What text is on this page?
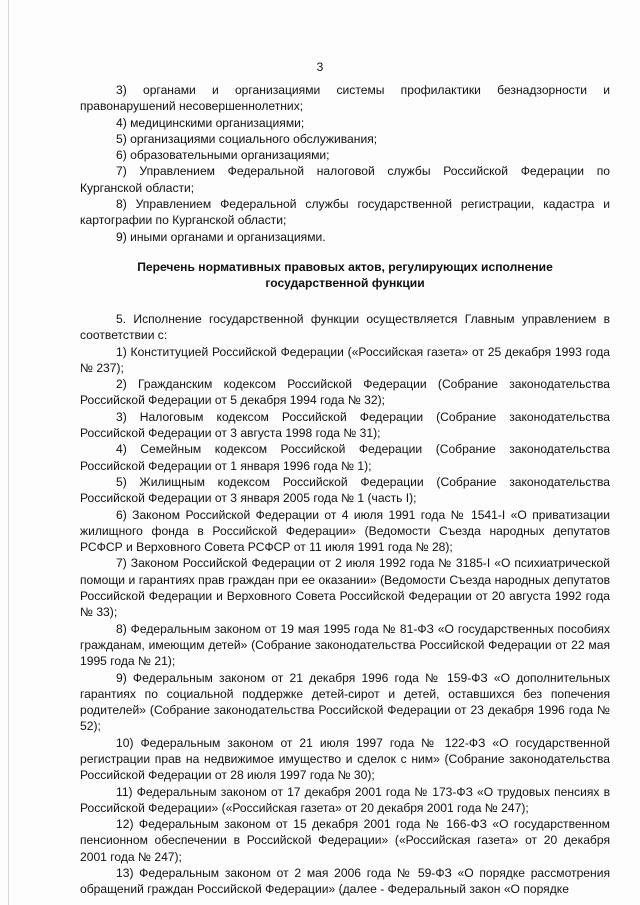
3

3) органами и организациями системы профилактики безнадзорности и правонарушений несовершеннолетних;

4) медицинскими организациями;

5) организациями социального обслуживания;

6) образовательными организациями;

7) Управлением Федеральной налоговой службы Российской Федерации по Курганской области;

8) Управлением Федеральной службы государственной регистрации, кадастра и картографии по Курганской области;

9) иными органами и организациями.

Перечень нормативных правовых актов, регулирующих исполнение государственной функции

5. Исполнение государственной функции осуществляется Главным управлением в соответствии с:

1) Конституцией Российской Федерации («Российская газета» от 25 декабря 1993 года № 237);

2) Гражданским кодексом Российской Федерации (Собрание законодательства Российской Федерации от 5 декабря 1994 года № 32);

3) Налоговым кодексом Российской Федерации (Собрание законодательства Российской Федерации от 3 августа 1998 года № 31);

4) Семейным кодексом Российской Федерации (Собрание законодательства Российской Федерации от 1 января 1996 года № 1);

5) Жилищным кодексом Российской Федерации (Собрание законодательства Российской Федерации от 3 января 2005 года № 1 (часть I);

6) Законом Российской Федерации от 4 июля 1991 года № 1541-I «О приватизации жилищного фонда в Российской Федерации» (Ведомости Съезда народных депутатов РСФСР и Верховного Совета РСФСР от 11 июля 1991 года № 28);

7) Законом Российской Федерации от 2 июля 1992 года № 3185-I «О психиатрической помощи и гарантиях прав граждан при ее оказании» (Ведомости Съезда народных депутатов Российской Федерации и Верховного Совета Российской Федерации от 20 августа 1992 года № 33);

8) Федеральным законом от 19 мая 1995 года № 81-ФЗ «О государственных пособиях гражданам, имеющим детей» (Собрание законодательства Российской Федерации от 22 мая 1995 года № 21);

9) Федеральным законом от 21 декабря 1996 года № 159-ФЗ «О дополнительных гарантиях по социальной поддержке детей-сирот и детей, оставшихся без попечения родителей» (Собрание законодательства Российской Федерации от 23 декабря 1996 года № 52);

10) Федеральным законом от 21 июля 1997 года № 122-ФЗ «О государственной регистрации прав на недвижимое имущество и сделок с ним» (Собрание законодательства Российской Федерации от 28 июля 1997 года № 30);

11) Федеральным законом от 17 декабря 2001 года № 173-ФЗ «О трудовых пенсиях в Российской Федерации» («Российская газета» от 20 декабря 2001 года № 247);

12) Федеральным законом от 15 декабря 2001 года № 166-ФЗ «О государственном пенсионном обеспечении в Российской Федерации» («Российская газета» от 20 декабря 2001 года № 247);

13) Федеральным законом от 2 мая 2006 года № 59-ФЗ «О порядке рассмотрения обращений граждан Российской Федерации» (далее - Федеральный закон «О порядке
